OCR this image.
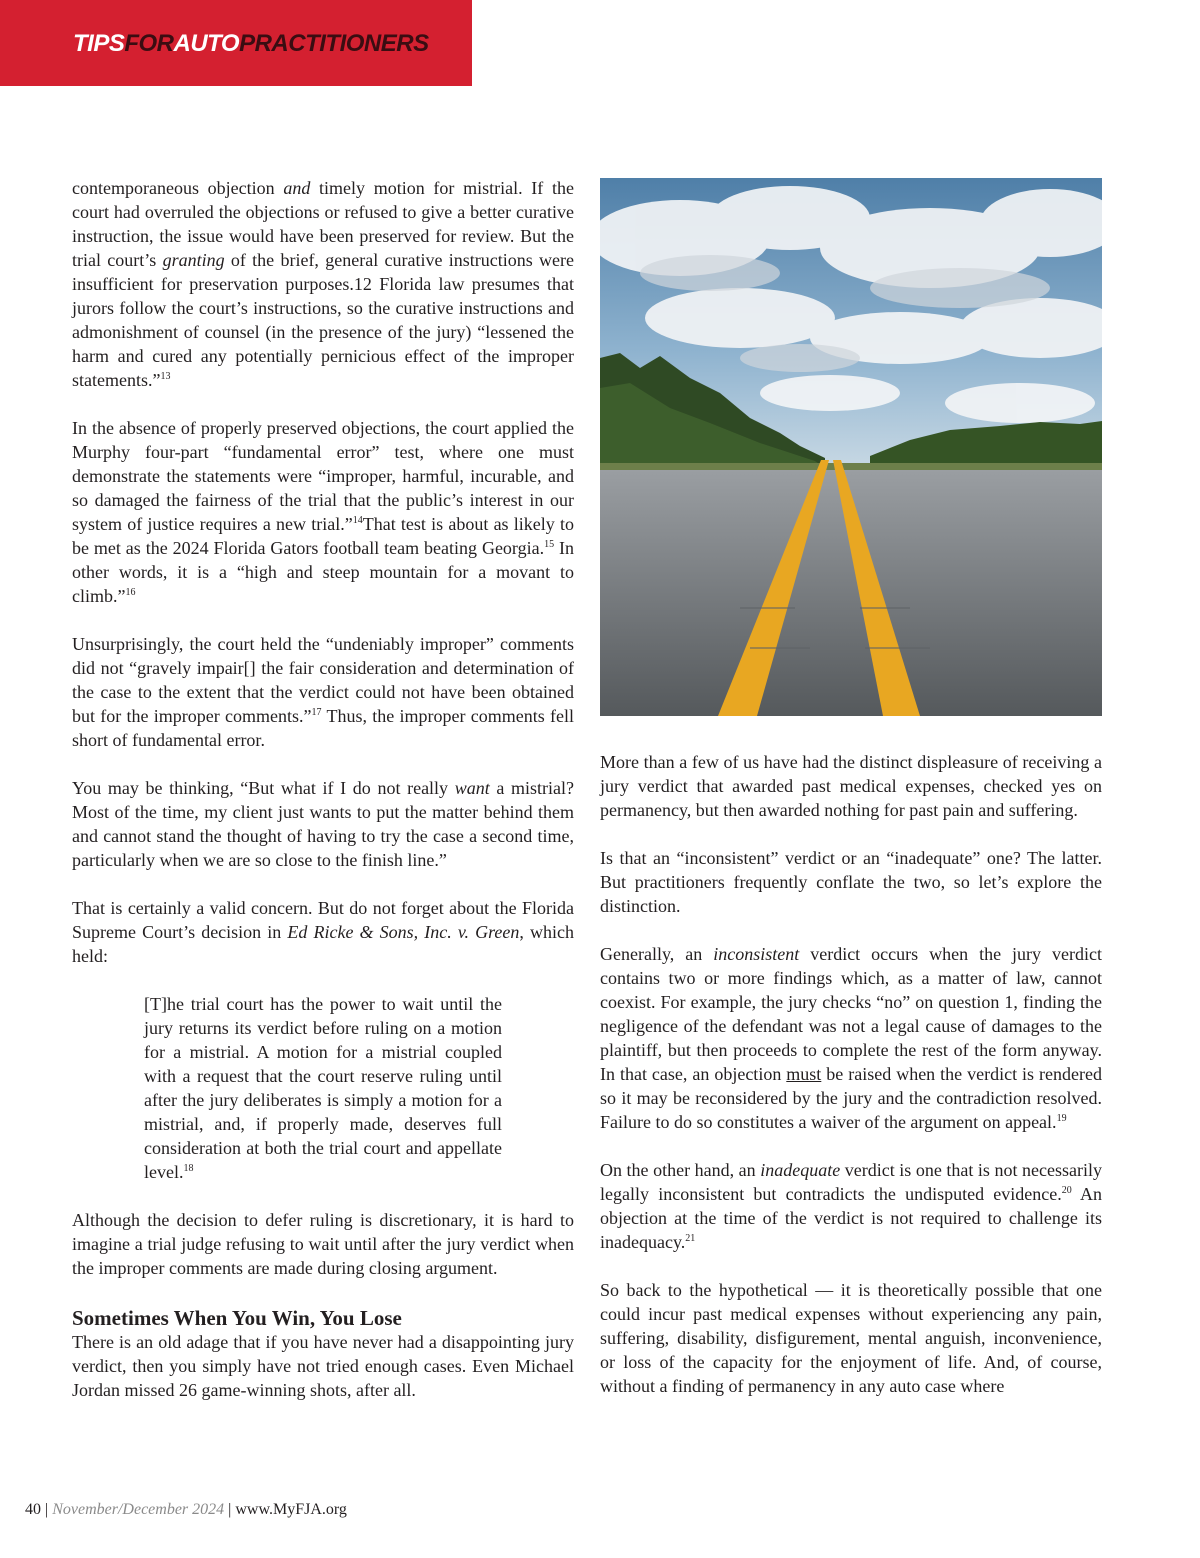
TIPSFORAUTOPRACTITIONERS

contemporaneous objection and timely motion for mistrial. If the court had overruled the objections or refused to give a better curative instruction, the issue would have been preserved for review. But the trial court’s granting of the brief, general curative instructions were insufficient for preservation purposes.12 Florida law presumes that jurors follow the court’s instructions, so the curative instructions and admonishment of counsel (in the presence of the jury) “lessened the harm and cured any potentially pernicious effect of the improper statements.”$^{13}$

In the absence of properly preserved objections, the court applied the Murphy four-part “fundamental error” test, where one must demonstrate the statements were “improper, harmful, incurable, and so damaged the fairness of the trial that the public’s interest in our system of justice requires a new trial.”$^{14}$That test is about as likely to be met as the 2024 Florida Gators football team beating Georgia.$^{15}$ In other words, it is a “high and steep mountain for a movant to climb.”$^{16}$

Unsurprisingly, the court held the “undeniably improper” comments did not “gravely impair[] the fair consideration and determination of the case to the extent that the verdict could not have been obtained but for the improper comments.”$^{17}$ Thus, the improper comments fell short of fundamental error.

You may be thinking, “But what if I do not really want a mistrial? Most of the time, my client just wants to put the matter behind them and cannot stand the thought of having to try the case a second time, particularly when we are so close to the finish line.”

That is certainly a valid concern. But do not forget about the Florida Supreme Court’s decision in Ed Ricke & Sons, Inc. v. Green, which held:

[T]he trial court has the power to wait until the jury returns its verdict before ruling on a motion for a mistrial. A motion for a mistrial coupled with a request that the court reserve ruling until after the jury deliberates is simply a motion for a mistrial, and, if properly made, deserves full consideration at both the trial court and appellate level.$^{18}$

Although the decision to defer ruling is discretionary, it is hard to imagine a trial judge refusing to wait until after the jury verdict when the improper comments are made during closing argument.

Sometimes When You Win, You Lose

There is an old adage that if you have never had a disappointing jury verdict, then you simply have not tried enough cases. Even Michael Jordan missed 26 game-winning shots, after all.

More than a few of us have had the distinct displeasure of receiving a jury verdict that awarded past medical expenses, checked yes on permanency, but then awarded nothing for past pain and suffering.

Is that an “inconsistent” verdict or an “inadequate” one? The latter. But practitioners frequently conflate the two, so let’s explore the distinction.

Generally, an inconsistent verdict occurs when the jury verdict contains two or more findings which, as a matter of law, cannot coexist. For example, the jury checks “no” on question 1, finding the negligence of the defendant was not a legal cause of damages to the plaintiff, but then proceeds to complete the rest of the form anyway. In that case, an objection must be raised when the verdict is rendered so it may be reconsidered by the jury and the contradiction resolved. Failure to do so constitutes a waiver of the argument on appeal.$^{19}$

On the other hand, an inadequate verdict is one that is not necessarily legally inconsistent but contradicts the undisputed evidence.$^{20}$ An objection at the time of the verdict is not required to challenge its inadequacy.$^{21}$

So back to the hypothetical — it is theoretically possible that one could incur past medical expenses without experiencing any pain, suffering, disability, disfigurement, mental anguish, inconvenience, or loss of the capacity for the enjoyment of life. And, of course, without a finding of permanency in any auto case where

40 | November/December 2024 | www.MyFJA.org
